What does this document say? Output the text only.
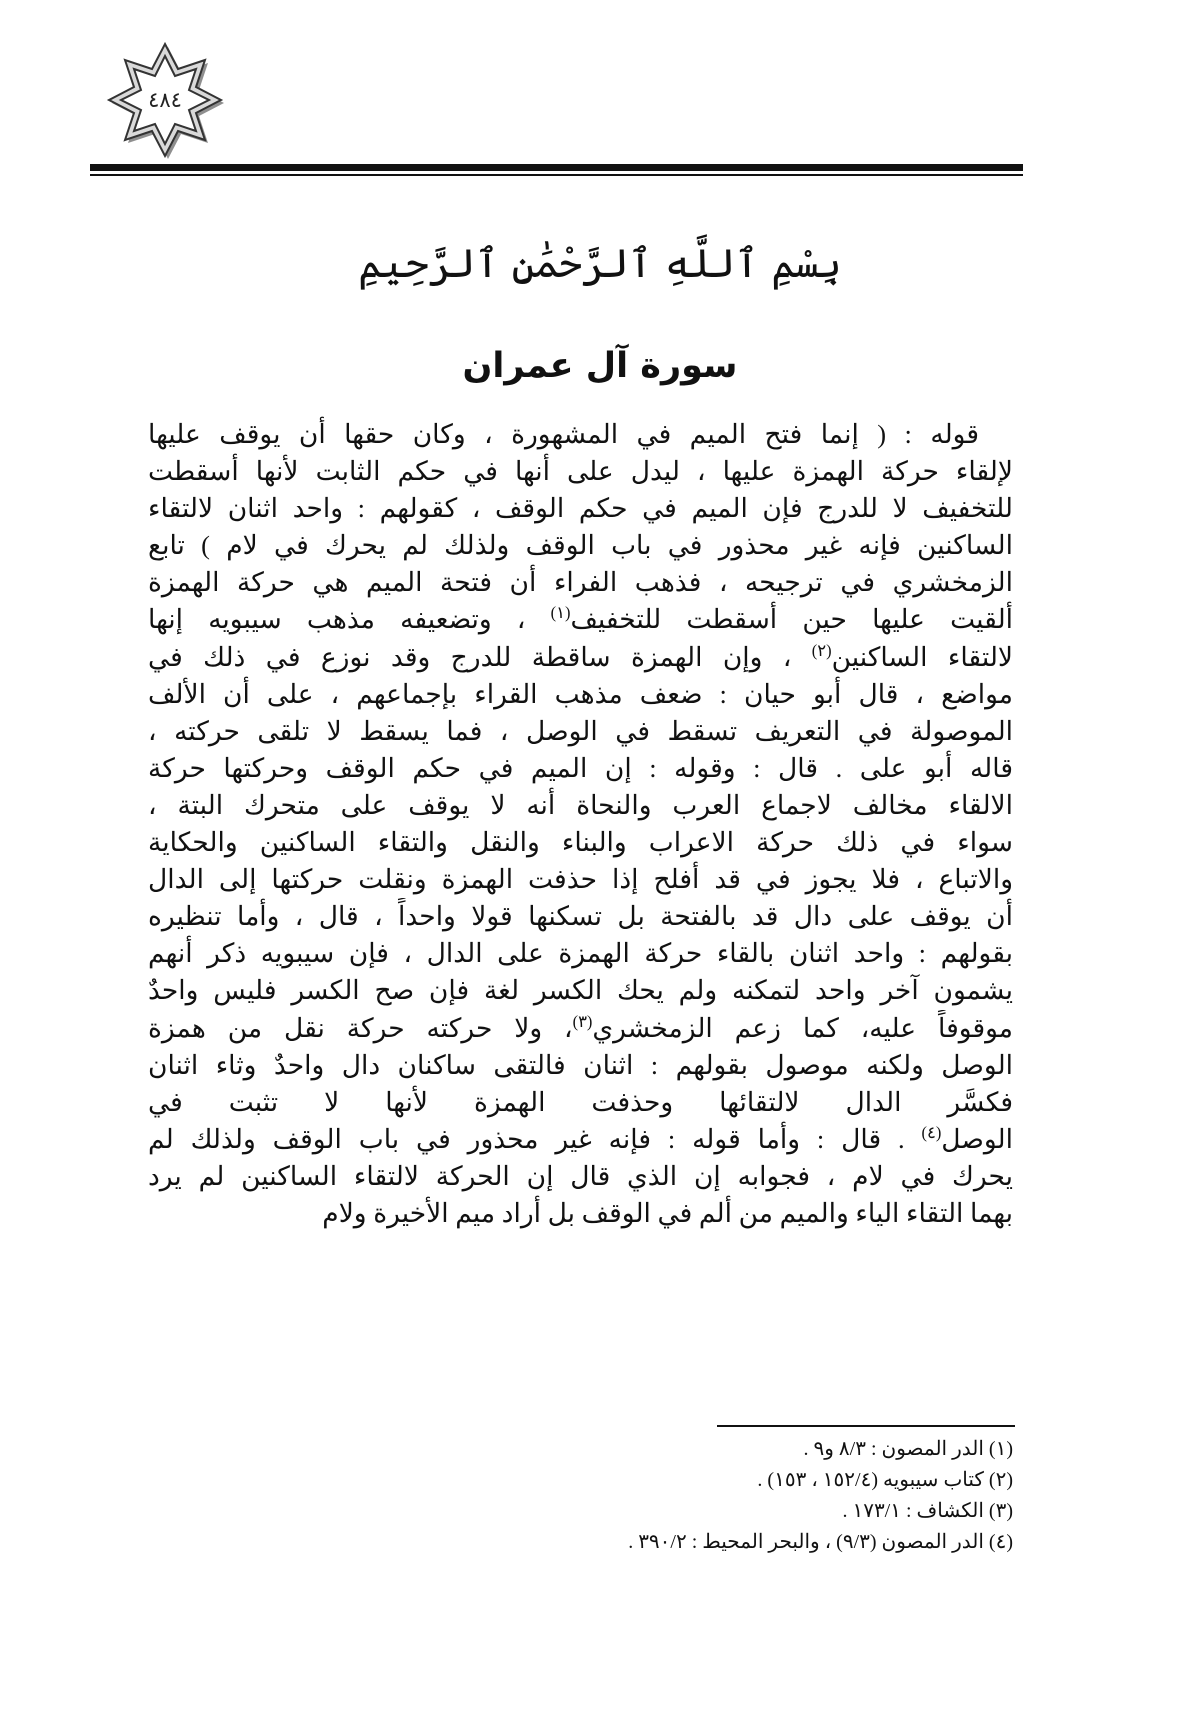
٤٨٤
بِسْمِ ٱللَّهِ ٱلرَّحْمَٰنِ ٱلرَّحِيمِ
سورة آل عمران
قوله : ( إنما فتح الميم في المشهورة ، وكان حقها أن يوقف عليها
لإلقاء حركة الهمزة عليها ، ليدل على أنها في حكم الثابت لأنها أسقطت
للتخفيف لا للدرج فإن الميم في حكم الوقف ، كقولهم : واحد اثنان لالتقاء
الساكنين فإنه غير محذور في باب الوقف ولذلك لم يحرك في لام ) تابع
الزمخشري في ترجيحه ، فذهب الفراء أن فتحة الميم هي حركة الهمزة
ألقيت عليها حين أسقطت للتخفيف$^{(١)}$ ، وتضعيفه مذهب سيبويه إنها
لالتقاء الساكنين$^{(٢)}$ ، وإن الهمزة ساقطة للدرج وقد نوزع في ذلك في
مواضع ، قال أبو حيان : ضعف مذهب القراء بإجماعهم ، على أن الألف
الموصولة في التعريف تسقط في الوصل ، فما يسقط لا تلقى حركته ،
قاله أبو على . قال : وقوله : إن الميم في حكم الوقف وحركتها حركة
الالقاء مخالف لاجماع العرب والنحاة أنه لا يوقف على متحرك البتة ،
سواء في ذلك حركة الاعراب والبناء والنقل والتقاء الساكنين والحكاية
والاتباع ، فلا يجوز في قد أفلح إذا حذفت الهمزة ونقلت حركتها إلى الدال
أن يوقف على دال قد بالفتحة بل تسكنها قولا واحداً ، قال ، وأما تنظيره
بقولهم : واحد اثنان بالقاء حركة الهمزة على الدال ، فإن سيبويه ذكر أنهم
يشمون آخر واحد لتمكنه ولم يحك الكسر لغة فإن صح الكسر فليس واحدٌ
موقوفاً عليه، كما زعم الزمخشري$^{(٣)}$، ولا حركته حركة نقل من همزة
الوصل ولكنه موصول بقولهم : اثنان فالتقى ساكنان دال واحدٌ وثاء اثنان
فكسَّر الدال لالتقائها وحذفت الهمزة لأنها لا تثبت في
الوصل$^{(٤)}$ . قال : وأما قوله : فإنه غير محذور في باب الوقف ولذلك لم
يحرك في لام ، فجوابه إن الذي قال إن الحركة لالتقاء الساكنين لم يرد
بهما التقاء الياء والميم من ألم في الوقف بل أراد ميم الأخيرة ولام
(١) الدر المصون : ٨/٣ و٩ .
(٢) كتاب سيبويه (١٥٢/٤ ، ١٥٣) .
(٣) الكشاف : ١٧٣/١ .
(٤) الدر المصون (٩/٣) ، والبحر المحيط : ٣٩٠/٢ .
